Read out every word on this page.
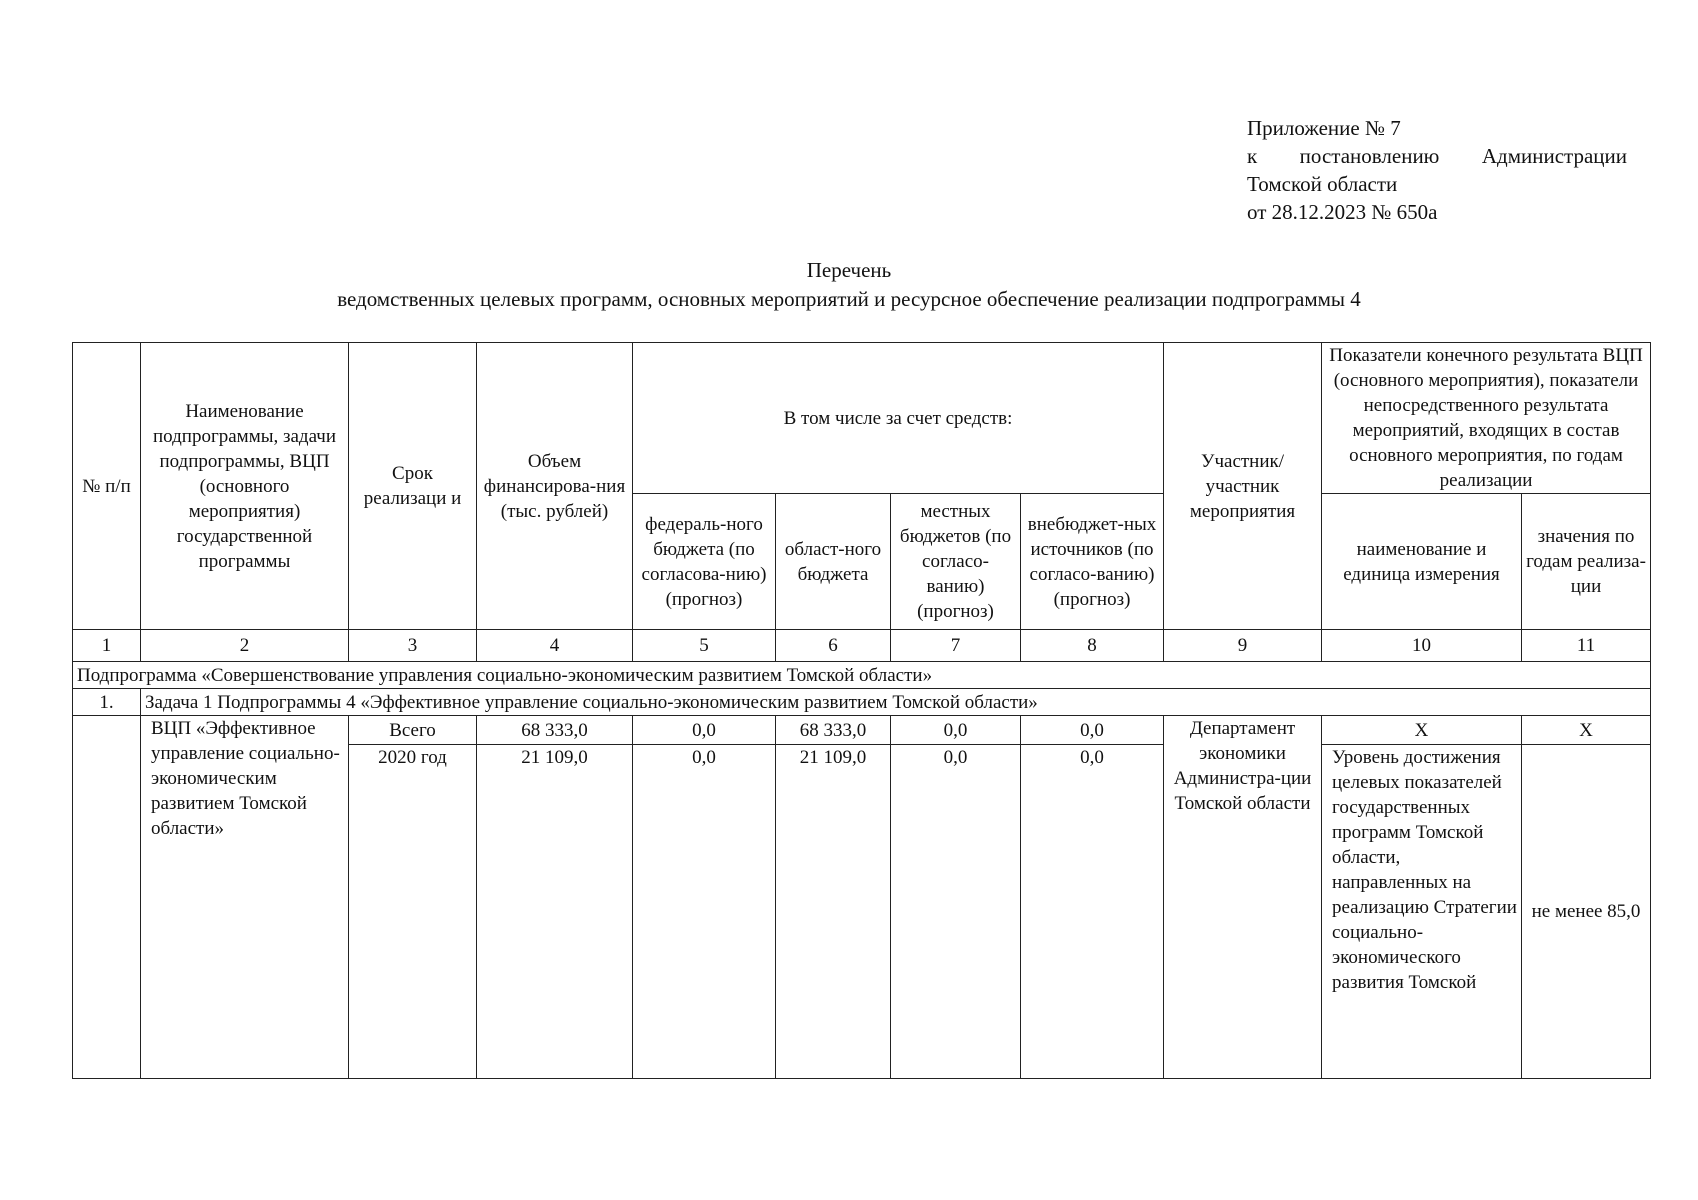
Приложение № 7
к постановлению Администрации
Томской области
от 28.12.2023 № 650а
Перечень
ведомственных целевых программ, основных мероприятий и ресурсное обеспечение реализации подпрограммы 4
№ п/п	Наименование подпрограммы, задачи подпрограммы, ВЦП (основного мероприятия) государственной программы	Срок реализаци и	Объем финансирова-ния (тыс. рублей)	В том числе за счет средств:				Участник/ участник мероприятия	Показатели конечного результата ВЦП (основного мероприятия), показатели непосредственного результата мероприятий, входящих в состав основного мероприятия, по годам реализации	
				федераль-ного бюджета (по согласова-нию) (прогноз)	област-ного бюджета	местных бюджетов (по согласо-ванию) (прогноз)	внебюджет-ных источников (по согласо-ванию) (прогноз)		наименование и единица измерения	значения по годам реализа-ции
1	2	3	4	5	6	7	8	9	10	11
Подпрограмма «Совершенствование управления социально-экономическим развитием Томской области»										
1.	Задача 1 Подпрограммы 4 «Эффективное управление социально-экономическим развитием Томской области»									
	ВЦП «Эффективное управление социально-экономическим развитием Томской области»	Всего	68 333,0	0,0	68 333,0	0,0	0,0	Департамент экономики Администра-ции Томской области	X	X
		2020 год	21 109,0	0,0	21 109,0	0,0	0,0		Уровень достижения целевых показателей государственных программ Томской области, направленных на реализацию Стратегии социально-экономического развития Томской	не менее 85,0
